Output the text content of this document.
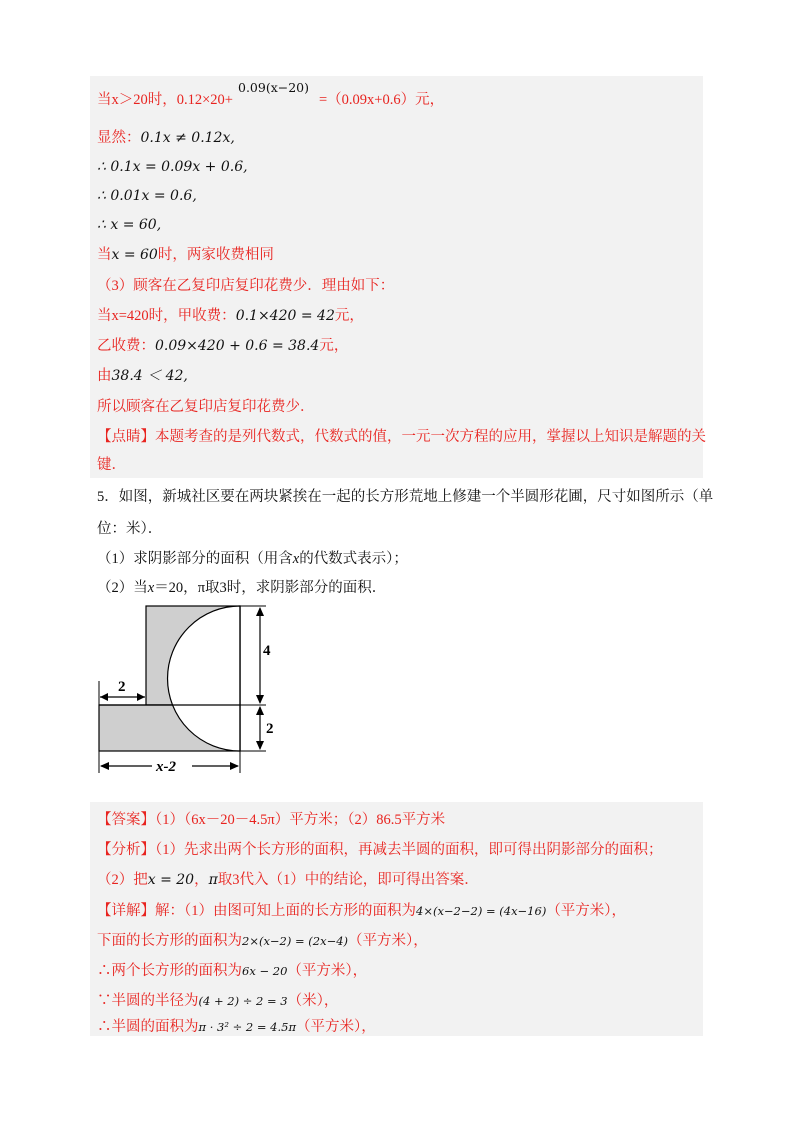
当x＞20时，0.12×20+	=（0.09x+0.6）元，
0.09(x−20)
显然：0.1x ≠ 0.12x,
∴ 0.1x = 0.09x + 0.6,
∴ 0.01x = 0.6,
∴ x = 60,
当x = 60时，两家收费相同
（3）顾客在乙复印店复印花费少．理由如下：
当x=420时，甲收费：0.1×420 = 42元，
乙收费：0.09×420 + 0.6 = 38.4元，
由38.4 ＜ 42,
所以顾客在乙复印店复印花费少．
【点睛】本题考查的是列代数式，代数式的值，一元一次方程的应用，掌握以上知识是解题的关
键．
5．如图，新城社区要在两块紧挨在一起的长方形荒地上修建一个半圆形花圃，尺寸如图所示（单
位：米）．
（1）求阴影部分的面积（用含x的代数式表示）；
（2）当x＝20，π取3时，求阴影部分的面积．
2
4
2
x-2
【答案】（1）（6x－20－4.5π）平方米；（2）86.5平方米
【分析】（1）先求出两个长方形的面积，再减去半圆的面积，即可得出阴影部分的面积；
（2）把x = 20，π取3代入（1）中的结论，即可得出答案．
【详解】解：（1）由图可知上面的长方形的面积为4×(x−2−2) = (4x−16)（平方米），
下面的长方形的面积为2×(x−2) = (2x−4)（平方米），
∴两个长方形的面积为6x − 20（平方米），
∵半圆的半径为(4 + 2) ÷ 2 = 3（米），
∴半圆的面积为π · 3² ÷ 2 = 4.5π（平方米），
